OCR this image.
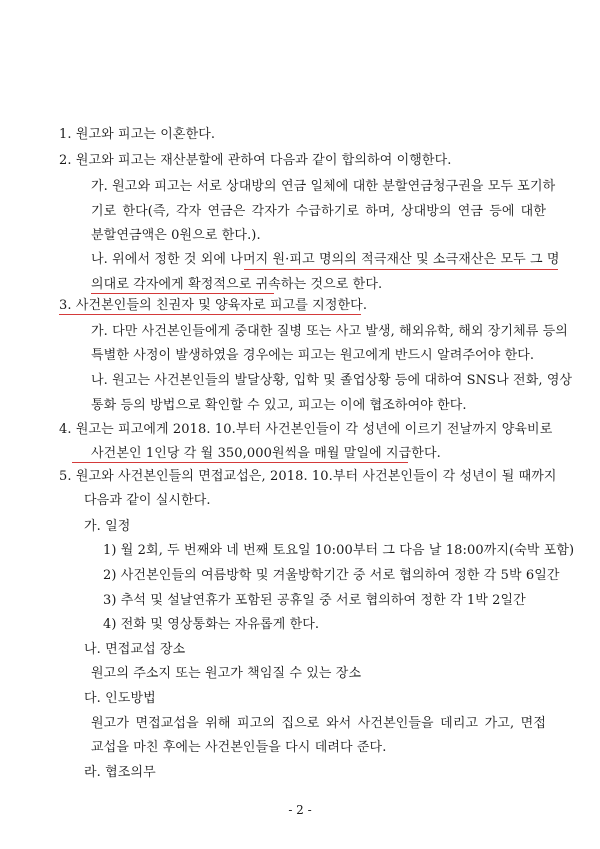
1. 원고와 피고는 이혼한다.
2. 원고와 피고는 재산분할에 관하여 다음과 같이 합의하여 이행한다.
가. 원고와 피고는 서로 상대방의 연금 일체에 대한 분할연금청구권을 모두 포기하
기로 한다(즉, 각자 연금은 각자가 수급하기로 하며, 상대방의 연금 등에 대한
분할연금액은 0원으로 한다.).
나. 위에서 정한 것 외에 나머지 원·피고 명의의 적극재산 및 소극재산은 모두 그 명
의대로 각자에게 확정적으로 귀속하는 것으로 한다.
3. 사건본인들의 친권자 및 양육자로 피고를 지정한다.
가. 다만 사건본인들에게 중대한 질병 또는 사고 발생, 해외유학, 해외 장기체류 등의
특별한 사정이 발생하였을 경우에는 피고는 원고에게 반드시 알려주어야 한다.
나. 원고는 사건본인들의 발달상황, 입학 및 졸업상황 등에 대하여 SNS나 전화, 영상
통화 등의 방법으로 확인할 수 있고, 피고는 이에 협조하여야 한다.
4. 원고는 피고에게 2018. 10.부터 사건본인들이 각 성년에 이르기 전날까지 양육비로
사건본인 1인당 각 월 350,000원씩을 매월 말일에 지급한다.
5. 원고와 사건본인들의 면접교섭은, 2018. 10.부터 사건본인들이 각 성년이 될 때까지
다음과 같이 실시한다.
가. 일정
1) 월 2회, 두 번째와 네 번째 토요일 10:00부터 그 다음 날 18:00까지(숙박 포함)
2) 사건본인들의 여름방학 및 겨울방학기간 중 서로 협의하여 정한 각 5박 6일간
3) 추석 및 설날연휴가 포함된 공휴일 중 서로 협의하여 정한 각 1박 2일간
4) 전화 및 영상통화는 자유롭게 한다.
나. 면접교섭 장소
원고의 주소지 또는 원고가 책임질 수 있는 장소
다. 인도방법
원고가 면접교섭을 위해 피고의 집으로 와서 사건본인들을 데리고 가고, 면접
교섭을 마친 후에는 사건본인들을 다시 데려다 준다.
라. 협조의무
- 2 -
